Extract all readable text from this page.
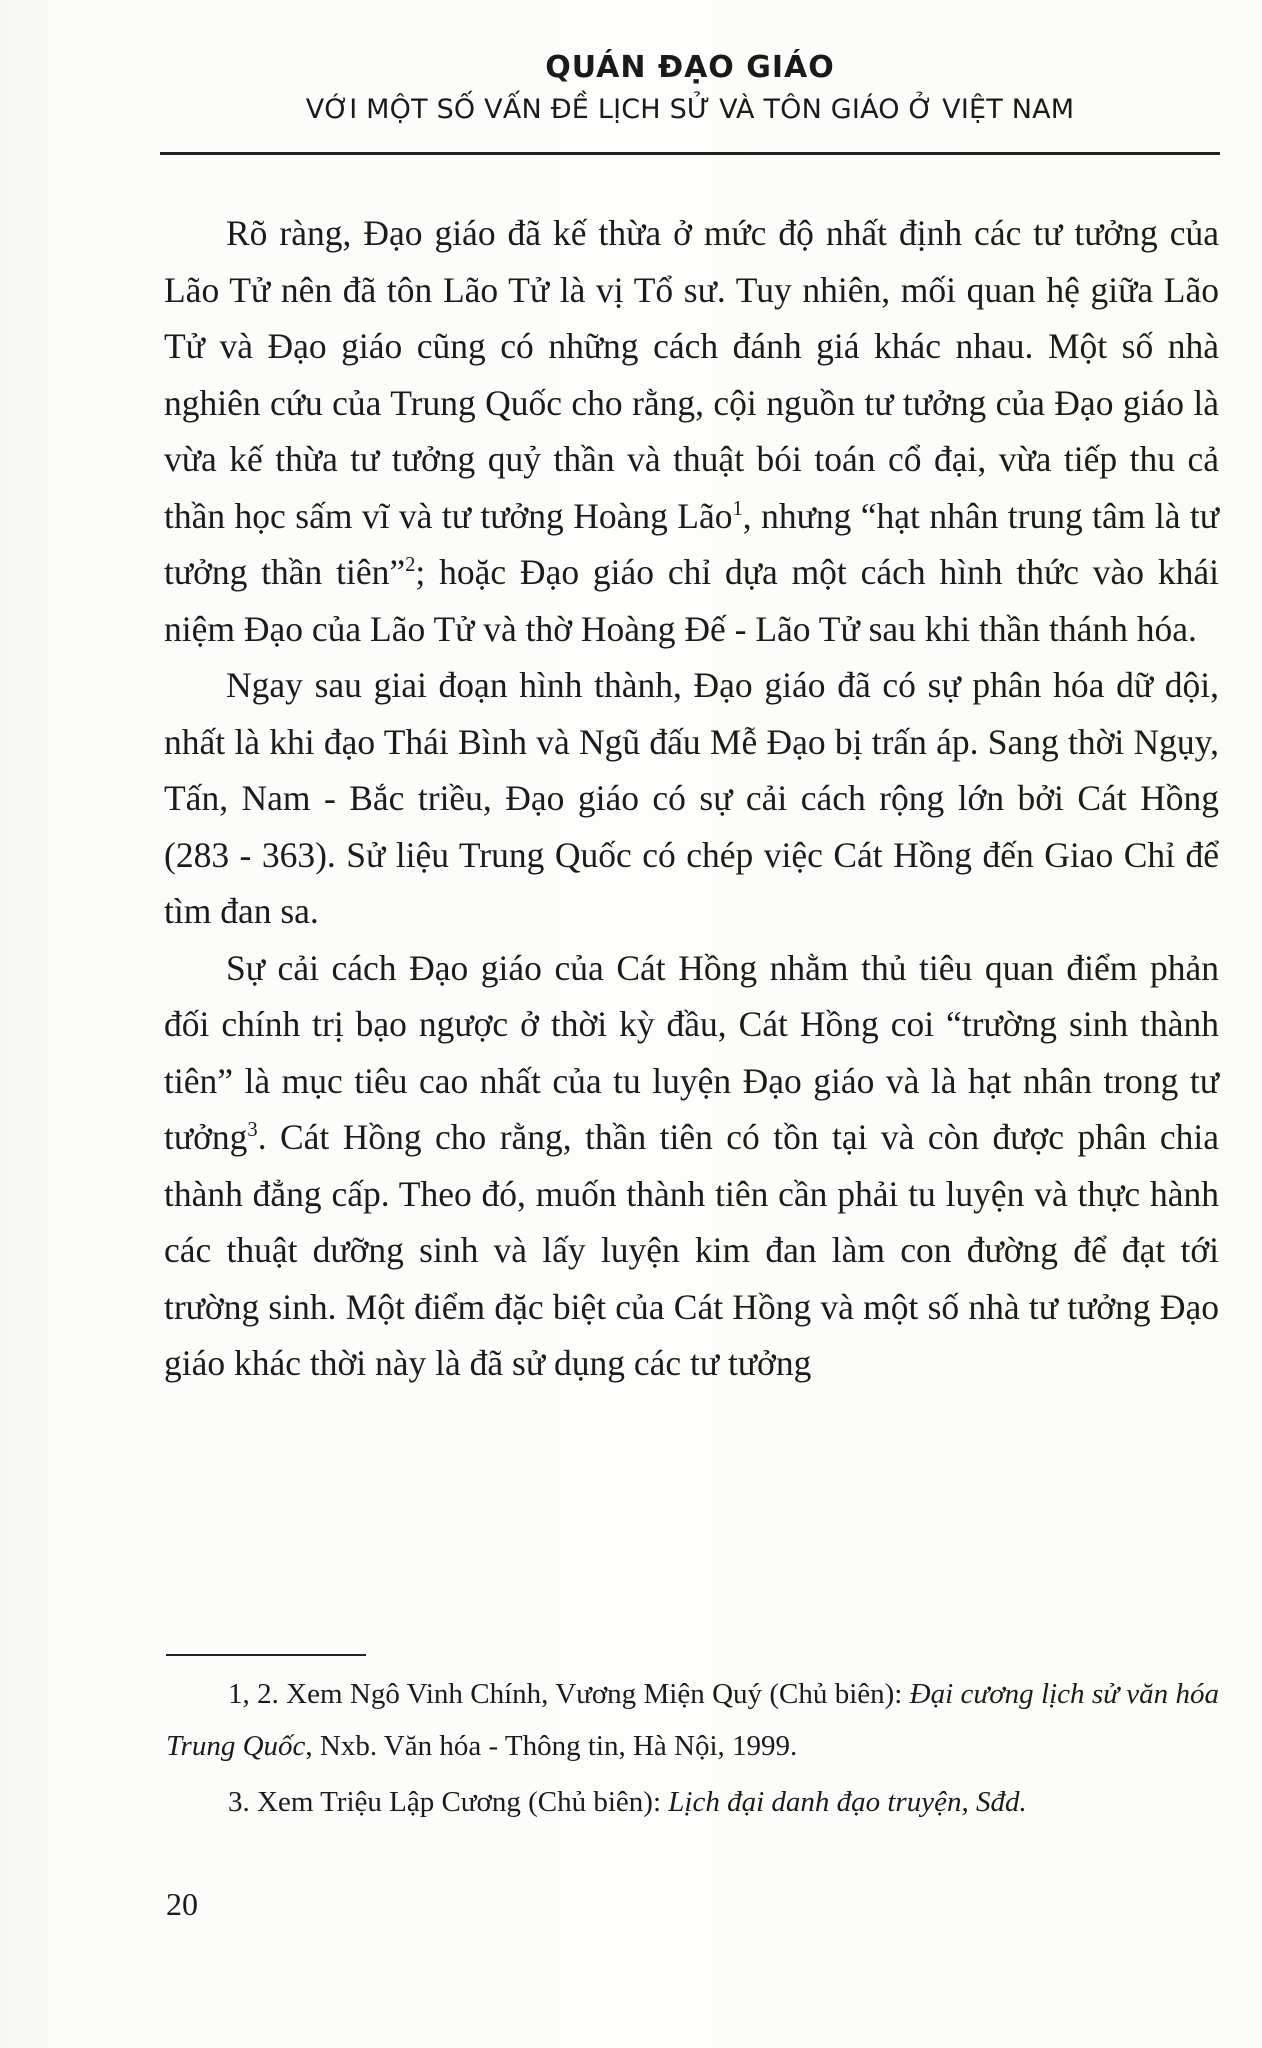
QUÁN ĐẠO GIÁO
VỚI MỘT SỐ VẤN ĐỀ LỊCH SỬ VÀ TÔN GIÁO Ở VIỆT NAM

Rõ ràng, Đạo giáo đã kế thừa ở mức độ nhất định các tư tưởng của Lão Tử nên đã tôn Lão Tử là vị Tổ sư. Tuy nhiên, mối quan hệ giữa Lão Tử và Đạo giáo cũng có những cách đánh giá khác nhau. Một số nhà nghiên cứu của Trung Quốc cho rằng, cội nguồn tư tưởng của Đạo giáo là vừa kế thừa tư tưởng quỷ thần và thuật bói toán cổ đại, vừa tiếp thu cả thần học sấm vĩ và tư tưởng Hoàng Lão$^1$, nhưng “hạt nhân trung tâm là tư tưởng thần tiên”$^2$; hoặc Đạo giáo chỉ dựa một cách hình thức vào khái niệm Đạo của Lão Tử và thờ Hoàng Đế - Lão Tử sau khi thần thánh hóa.

Ngay sau giai đoạn hình thành, Đạo giáo đã có sự phân hóa dữ dội, nhất là khi đạo Thái Bình và Ngũ đấu Mễ Đạo bị trấn áp. Sang thời Ngụy, Tấn, Nam - Bắc triều, Đạo giáo có sự cải cách rộng lớn bởi Cát Hồng (283 - 363). Sử liệu Trung Quốc có chép việc Cát Hồng đến Giao Chỉ để tìm đan sa.

Sự cải cách Đạo giáo của Cát Hồng nhằm thủ tiêu quan điểm phản đối chính trị bạo ngược ở thời kỳ đầu, Cát Hồng coi “trường sinh thành tiên” là mục tiêu cao nhất của tu luyện Đạo giáo và là hạt nhân trong tư tưởng$^3$. Cát Hồng cho rằng, thần tiên có tồn tại và còn được phân chia thành đẳng cấp. Theo đó, muốn thành tiên cần phải tu luyện và thực hành các thuật dưỡng sinh và lấy luyện kim đan làm con đường để đạt tới trường sinh. Một điểm đặc biệt của Cát Hồng và một số nhà tư tưởng Đạo giáo khác thời này là đã sử dụng các tư tưởng

1, 2. Xem Ngô Vinh Chính, Vương Miện Quý (Chủ biên): Đại cương lịch sử văn hóa Trung Quốc, Nxb. Văn hóa - Thông tin, Hà Nội, 1999.

3. Xem Triệu Lập Cương (Chủ biên): Lịch đại danh đạo truyện, Sđd.

20
